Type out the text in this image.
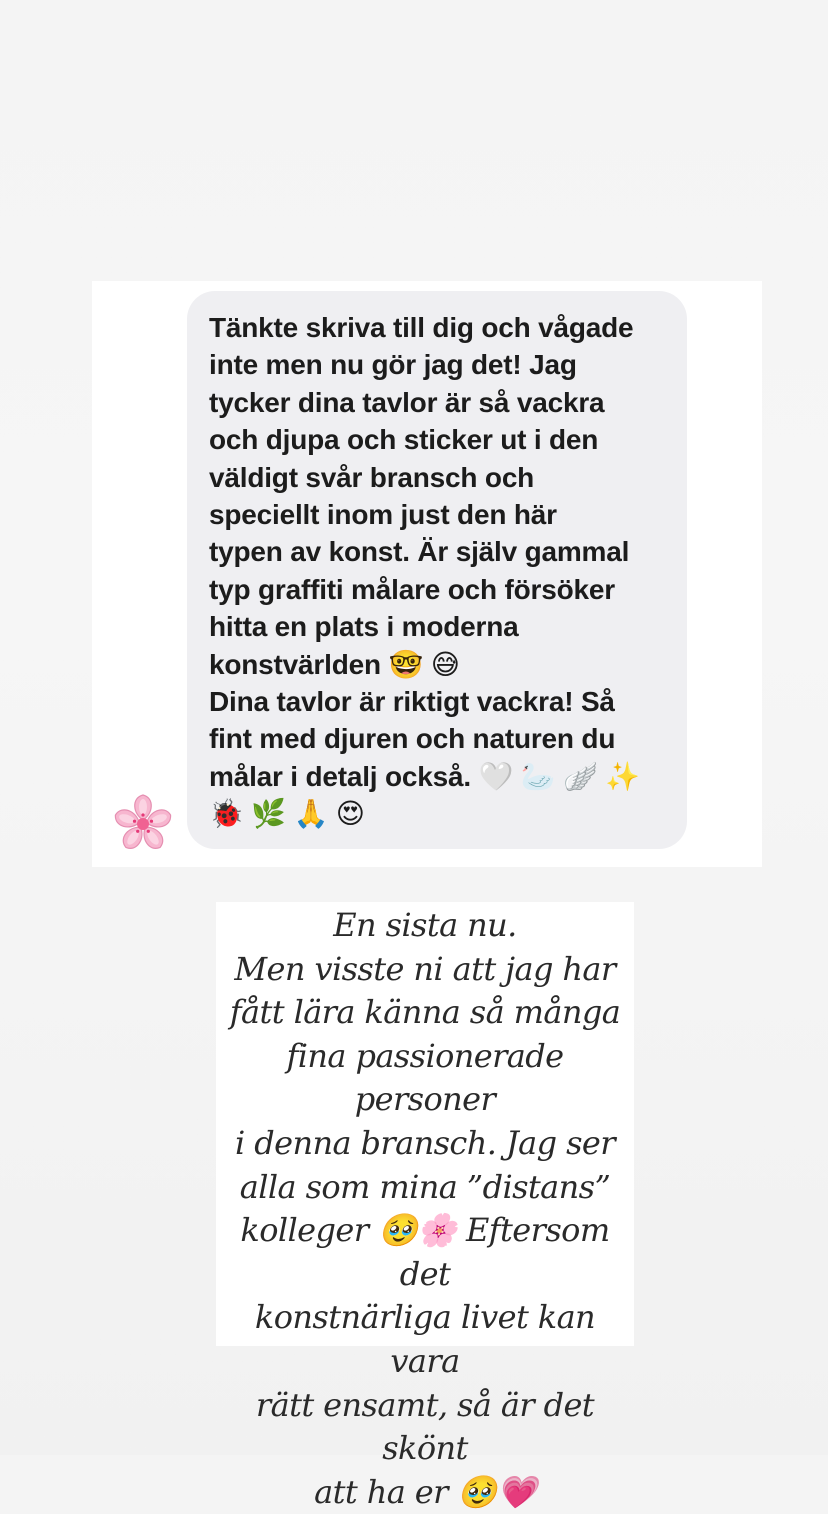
Tänkte skriva till dig och vågade
inte men nu gör jag det! Jag
tycker dina tavlor är så vackra
och djupa och sticker ut i den
väldigt svår bransch och
speciellt inom just den här
typen av konst. Är själv gammal
typ graffiti målare och försöker
hitta en plats i moderna
konstvärlden 🤓 😅
Dina tavlor är riktigt vackra! Så
fint med djuren och naturen du
målar i detalj också. 🤍 🦢 🪽 ✨
🐞 🌿 🙏 😍

En sista nu.
Men visste ni att jag har
fått lära känna så många
fina passionerade personer
i denna bransch. Jag ser
alla som mina ”distans”
kolleger 🥹🌸 Eftersom det
konstnärliga livet kan vara
rätt ensamt, så är det skönt
att ha er 🥹💗
